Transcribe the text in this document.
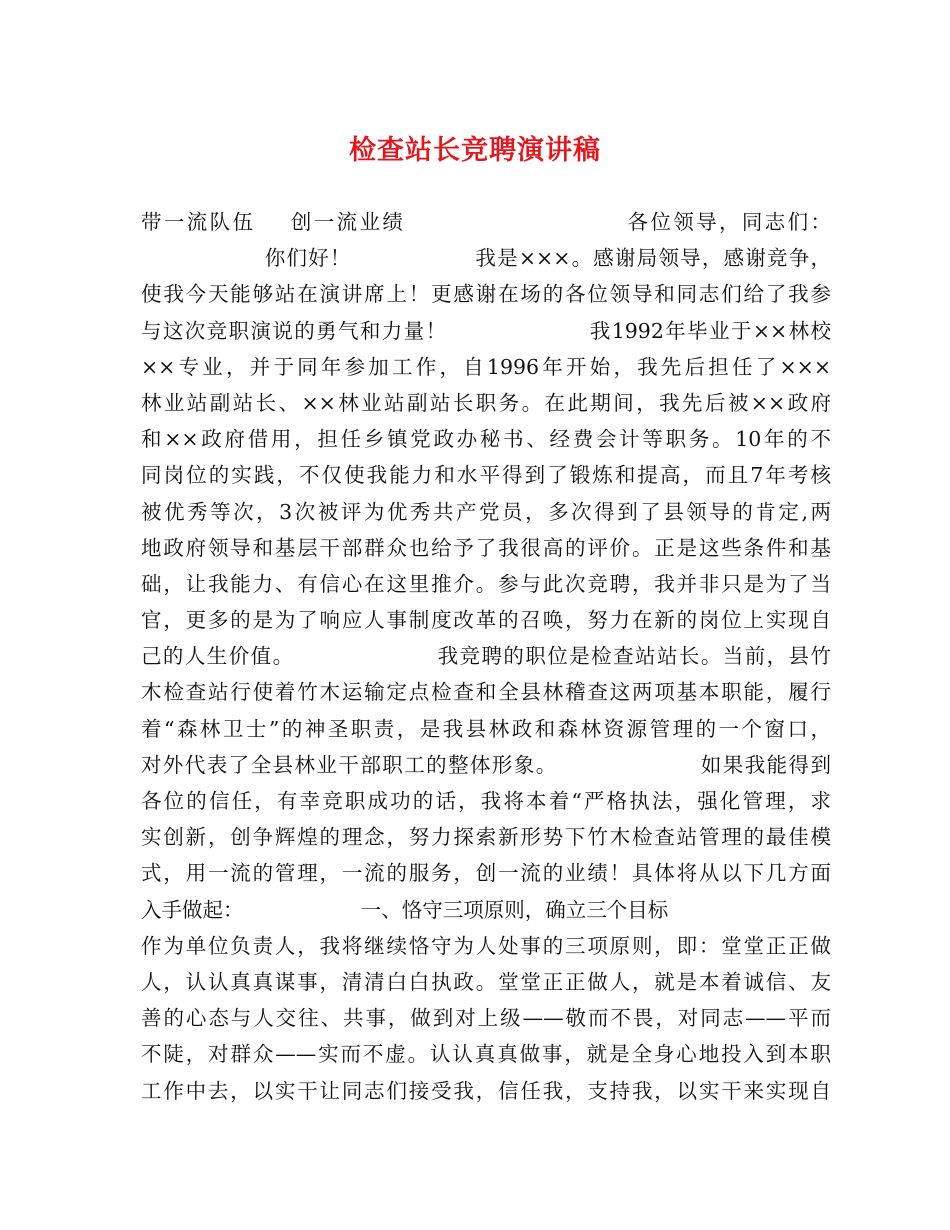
检查站长竞聘演讲稿
带一流队伍    创一流业绩                         各位领导，同志们：
你们好！                我是×××。感谢局领导，感谢竞争，
使我今天能够站在演讲席上！更感谢在场的各位领导和同志们给了我参
与这次竞职演说的勇气和力量！                  我1992年毕业于××林校
××专业，并于同年参加工作，自1996年开始，我先后担任了×××
林业站副站长、××林业站副站长职务。在此期间，我先后被××政府
和××政府借用，担任乡镇党政办秘书、经费会计等职务。10年的不
同岗位的实践，不仅使我能力和水平得到了锻炼和提高，而且7年考核
被优秀等次，3次被评为优秀共产党员，多次得到了县领导的肯定,两
地政府领导和基层干部群众也给予了我很高的评价。正是这些条件和基
础，让我能力、有信心在这里推介。参与此次竞聘，我并非只是为了当
官，更多的是为了响应人事制度改革的召唤，努力在新的岗位上实现自
己的人生价值。                  我竞聘的职位是检查站站长。当前，县竹
木检查站行使着竹木运输定点检查和全县林稽查这两项基本职能，履行
着“森林卫士”的神圣职责，是我县林政和森林资源管理的一个窗口，
对外代表了全县林业干部职工的整体形象。                  如果我能得到
各位的信任，有幸竞职成功的话，我将本着“严格执法，强化管理，求
实创新，创争辉煌的理念，努力探索新形势下竹木检查站管理的最佳模
式，用一流的管理，一流的服务，创一流的业绩！具体将从以下几方面
入手做起：                  一、恪守三项原则，确立三个目标
作为单位负责人，我将继续恪守为人处事的三项原则，即：堂堂正正做
人，认认真真谋事，清清白白执政。堂堂正正做人，就是本着诚信、友
善的心态与人交往、共事，做到对上级——敬而不畏，对同志——平而
不陡，对群众——实而不虚。认认真真做事，就是全身心地投入到本职
工作中去，以实干让同志们接受我，信任我，支持我，以实干来实现自
